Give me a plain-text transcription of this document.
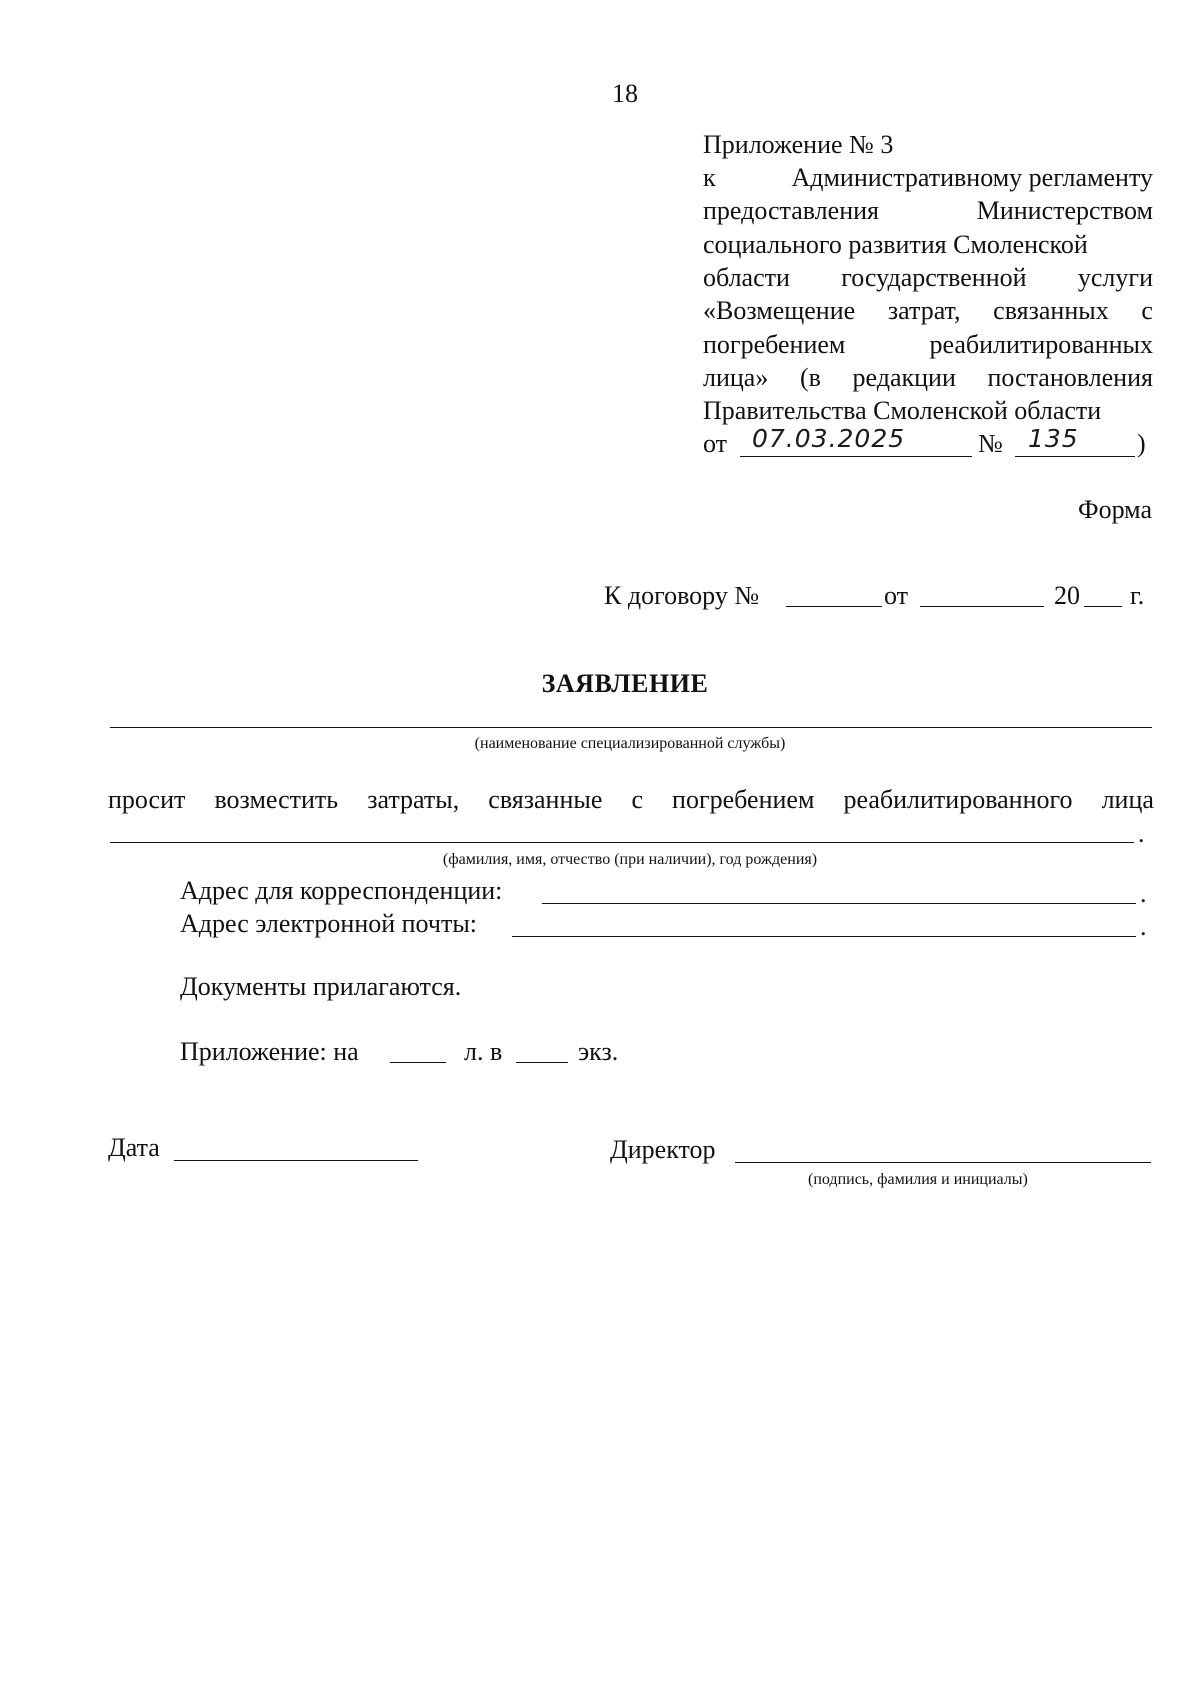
18
Приложение № 3
к	Административному регламенту
предоставления	Министерством
социального развития Смоленской
области государственной услуги
«Возмещение затрат, связанных с
погребением	реабилитированных
лица» (в редакции постановления
Правительства Смоленской области
от 07.03.2025	№ 135 )
Форма
К договору №	от	20 г.
ЗАЯВЛЕНИЕ
(наименование специализированной службы)
просит возместить затраты, связанные с погребением реабилитированного лица
.
(фамилия, имя, отчество (при наличии), год рождения)
Адрес для корреспонденции:	.
Адрес электронной почты:	.
Документы прилагаются.
Приложение: на	л. в	экз.
Дата	Директор
(подпись, фамилия и инициалы)
